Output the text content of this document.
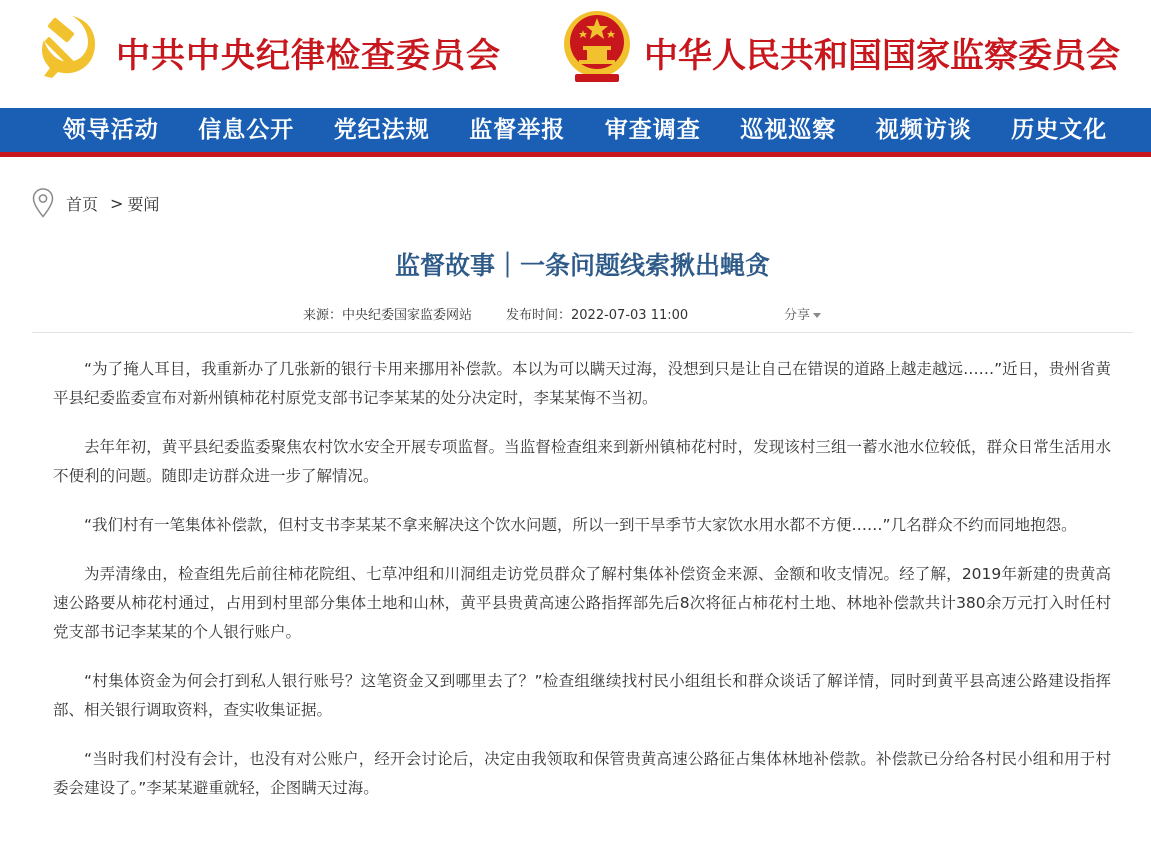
中共中央纪律检查委员会	中华人民共和国国家监察委员会
领导活动	信息公开	党纪法规	监督举报	审查调查	巡视巡察	视频访谈	历史文化
首页 > 要闻
监督故事｜一条问题线索揪出蝇贪
来源：中央纪委国家监委网站	发布时间：2022-07-03 11:00	分享

“为了掩人耳目，我重新办了几张新的银行卡用来挪用补偿款。本以为可以瞒天过海，没想到只是让自己在错误的道路上越走越远……”近日，贵州省黄平县纪委监委宣布对新州镇柿花村原党支部书记李某某的处分决定时，李某某悔不当初。

去年年初，黄平县纪委监委聚焦农村饮水安全开展专项监督。当监督检查组来到新州镇柿花村时，发现该村三组一蓄水池水位较低，群众日常生活用水不便利的问题。随即走访群众进一步了解情况。

“我们村有一笔集体补偿款，但村支书李某某不拿来解决这个饮水问题，所以一到干旱季节大家饮水用水都不方便……”几名群众不约而同地抱怨。

为弄清缘由，检查组先后前往柿花院组、七草冲组和川洞组走访党员群众了解村集体补偿资金来源、金额和收支情况。经了解，2019年新建的贵黄高速公路要从柿花村通过，占用到村里部分集体土地和山林，黄平县贵黄高速公路指挥部先后8次将征占柿花村土地、林地补偿款共计380余万元打入时任村党支部书记李某某的个人银行账户。

“村集体资金为何会打到私人银行账号？这笔资金又到哪里去了？”检查组继续找村民小组组长和群众谈话了解详情，同时到黄平县高速公路建设指挥部、相关银行调取资料，查实收集证据。

“当时我们村没有会计，也没有对公账户，经开会讨论后，决定由我领取和保管贵黄高速公路征占集体林地补偿款。补偿款已分给各村民小组和用于村委会建设了。”李某某避重就轻，企图瞒天过海。
